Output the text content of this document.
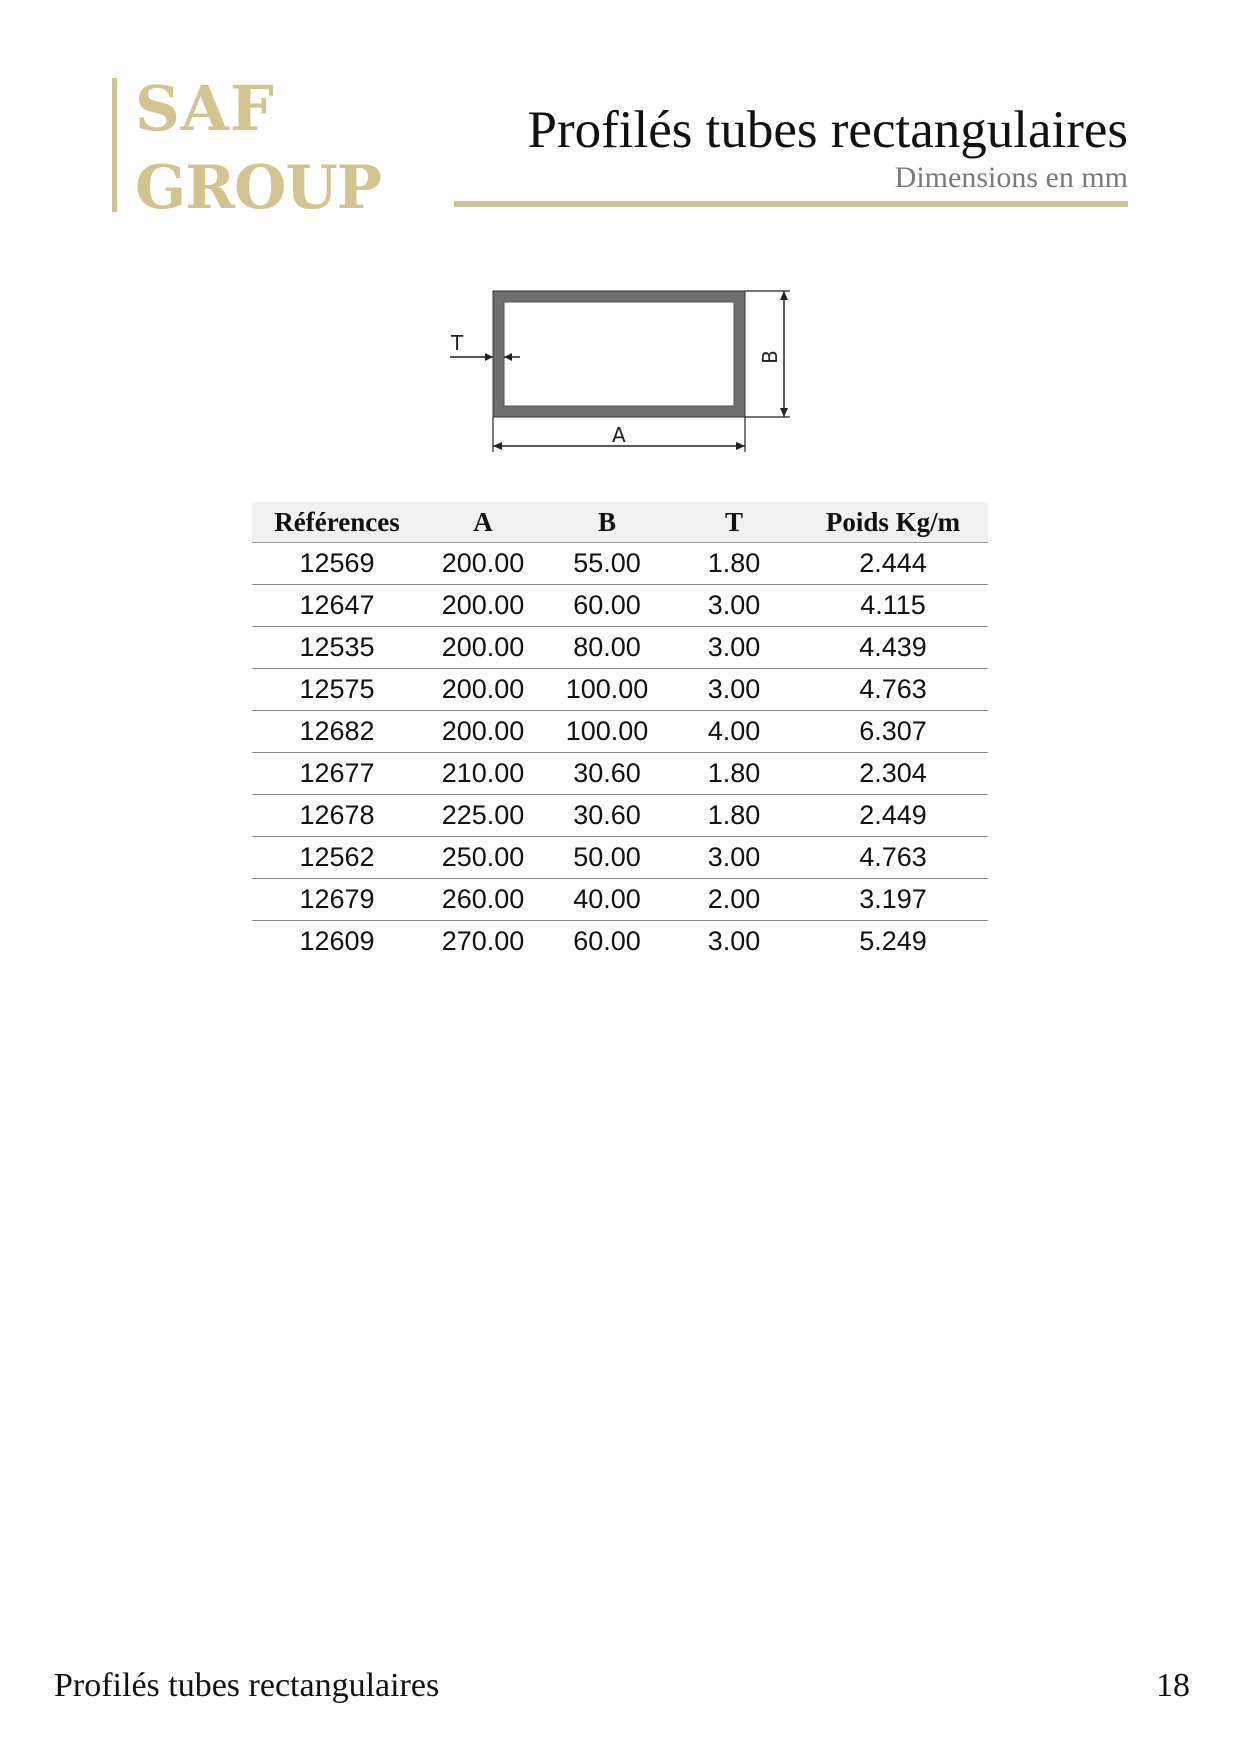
SAF
GROUP
Profilés tubes rectangulaires
Dimensions en mm
T
A
B
Références	A	B	T	Poids Kg/m
12569	200.00	55.00	1.80	2.444
12647	200.00	60.00	3.00	4.115
12535	200.00	80.00	3.00	4.439
12575	200.00	100.00	3.00	4.763
12682	200.00	100.00	4.00	6.307
12677	210.00	30.60	1.80	2.304
12678	225.00	30.60	1.80	2.449
12562	250.00	50.00	3.00	4.763
12679	260.00	40.00	2.00	3.197
12609	270.00	60.00	3.00	5.249
Profilés tubes rectangulaires	18
